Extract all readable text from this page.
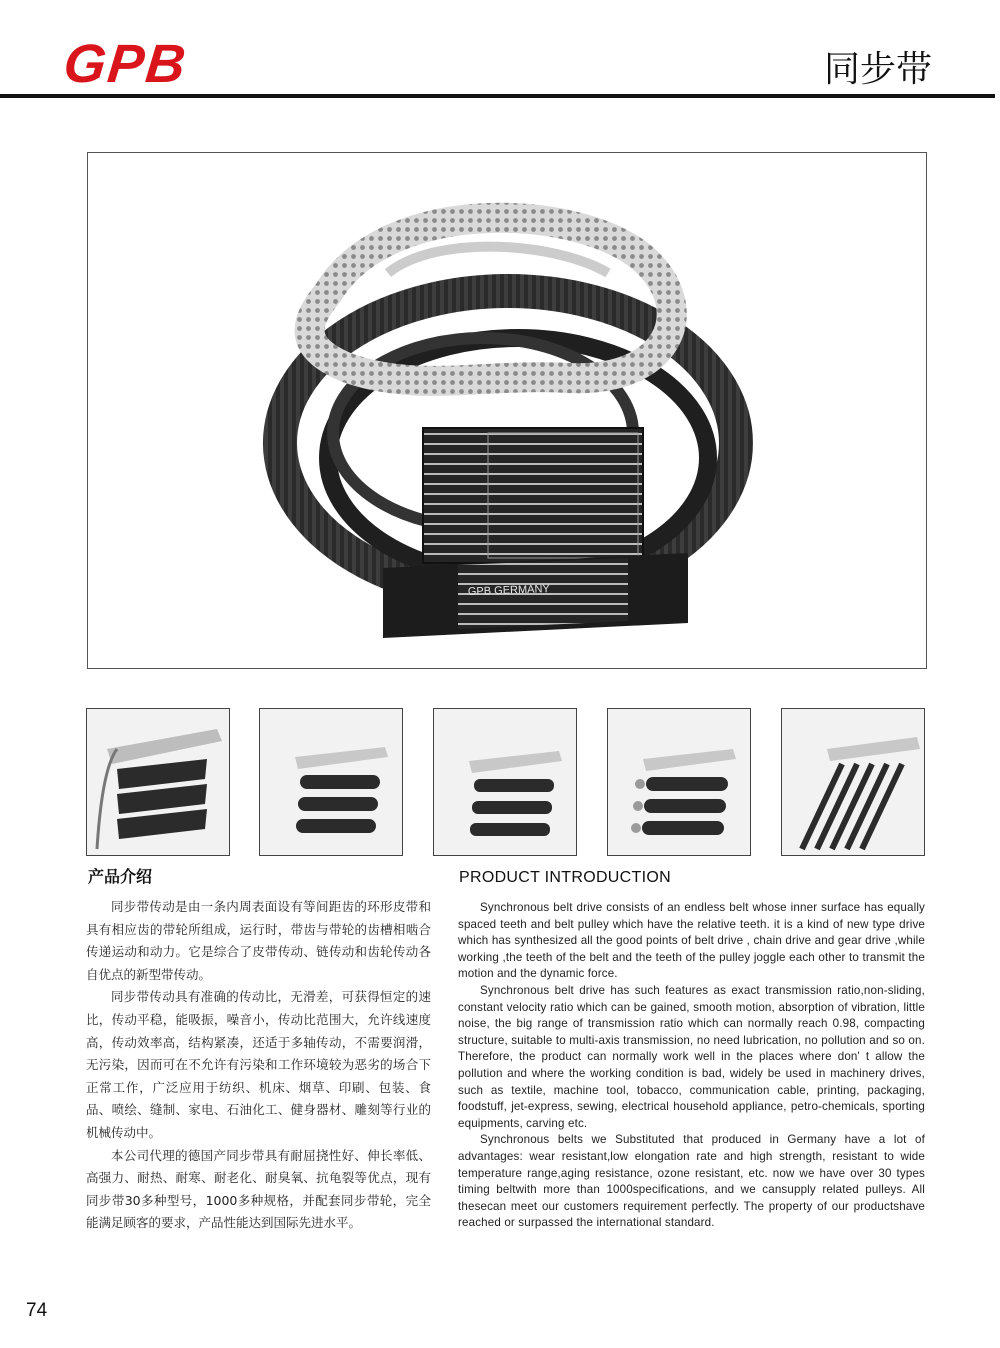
GPB	同步带
GPB GERMANY
产品介绍

同步带传动是由一条内周表面设有等间距齿的环形皮带和具有相应齿的带轮所组成，运行时，带齿与带轮的齿槽相啮合传递运动和动力。它是综合了皮带传动、链传动和齿轮传动各自优点的新型带传动。

同步带传动具有准确的传动比，无滑差，可获得恒定的速比，传动平稳，能吸振，噪音小，传动比范围大，允许线速度高，传动效率高，结构紧凑，还适于多轴传动，不需要润滑，无污染，因而可在不允许有污染和工作环境较为恶劣的场合下正常工作，广泛应用于纺织、机床、烟草、印刷、包装、食品、喷绘、缝制、家电、石油化工、健身器材、雕刻等行业的机械传动中。

本公司代理的德国产同步带具有耐屈挠性好、伸长率低、高强力、耐热、耐寒、耐老化、耐臭氧、抗龟裂等优点，现有同步带30多种型号，1000多种规格，并配套同步带轮，完全能满足顾客的要求，产品性能达到国际先进水平。

PRODUCT INTRODUCTION

Synchronous belt drive consists of an endless belt whose inner surface has equally spaced teeth and belt pulley which have the relative teeth. it is a kind of new type drive which has synthesized all the good points of belt drive , chain drive and gear drive ,while working ,the teeth of the belt and the teeth of the pulley joggle each other to transmit the motion and the dynamic force.

Synchronous belt drive has such features as exact transmission ratio,non-sliding, constant velocity ratio which can be gained, smooth motion, absorption of vibration, little noise, the big range of transmission ratio which can normally reach 0.98, compacting structure, suitable to multi-axis transmission, no need lubrication, no pollution and so on. Therefore, the product can normally work well in the places where don' t allow the pollution and where the working condition is bad, widely be used in machinery drives, such as textile, machine tool, tobacco, communication cable, printing, packaging, foodstuff, jet-express, sewing, electrical household appliance, petro-chemicals, sporting equipments, carving etc.

Synchronous belts we Substituted that produced in Germany have a lot of advantages: wear resistant,low elongation rate and high strength, resistant to wide temperature range,aging resistance, ozone resistant, etc. now we have over 30 types timing beltwith more than 1000specifications, and we cansupply related pulleys. All thesecan meet our customers requirement perfectly. The property of our productshave reached or surpassed the international standard.

74
